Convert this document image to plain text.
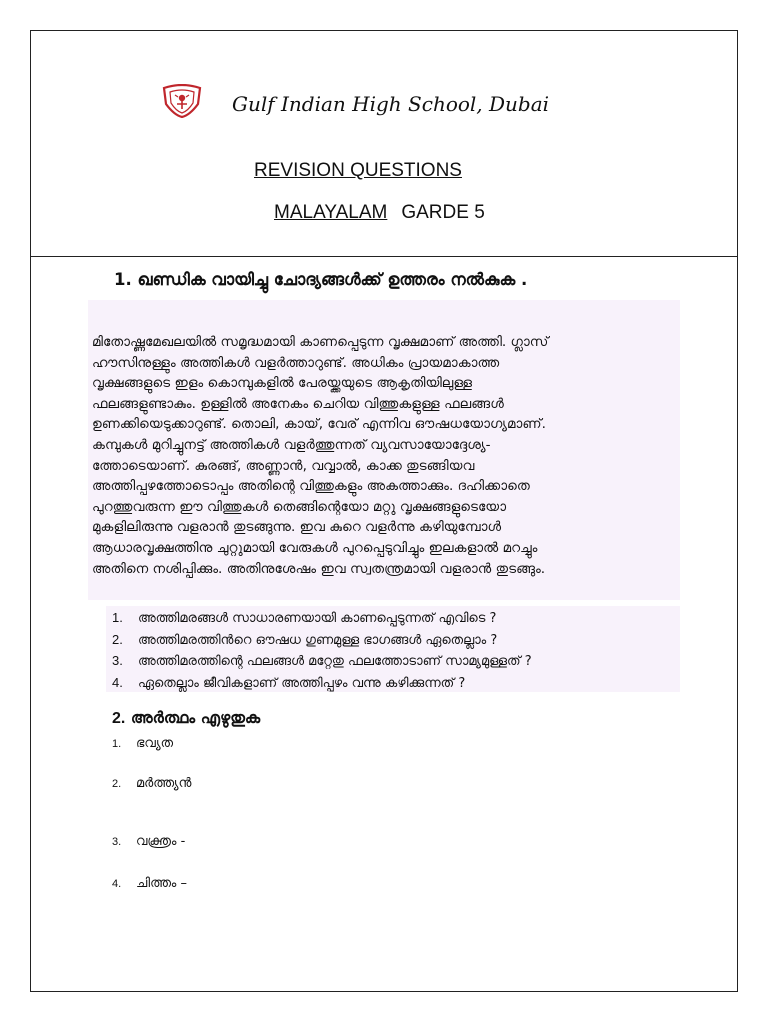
Gulf Indian High School, Dubai
REVISION QUESTIONS
MALAYALAM GARDE 5
1. ഖണ്ഡിക വായിച്ചു ചോദ്യങ്ങൾക്ക് ഉത്തരം നൽകുക .

മിതോഷ്ണമേഖലയിൽ സമൃദ്ധമായി കാണപ്പെടുന്ന വൃക്ഷമാണ് അത്തി. ഗ്ലാസ്
ഹൗസിനുള്ളും അത്തികൾ വളർത്താറുണ്ട്. അധികം പ്രായമാകാത്ത
വൃക്ഷങ്ങളുടെ ഇളം കൊമ്പുകളിൽ പേരയ്ക്കയുടെ ആകൃതിയിലുള്ള
ഫലങ്ങളുണ്ടാകും. ഉള്ളിൽ അനേകം ചെറിയ വിത്തുകളുള്ള ഫലങ്ങൾ
ഉണക്കിയെടുക്കാറുണ്ട്. തൊലി, കായ്, വേര് എന്നിവ ഔഷധയോഗ്യമാണ്.
കമ്പുകൾ മുറിച്ചുനട്ട് അത്തികൾ വളർത്തുന്നത് വ്യവസായോദ്ദേശ്യ-
ത്തോടെയാണ്. കുരങ്ങ്, അണ്ണാൻ, വവ്വാൽ, കാക്ക തുടങ്ങിയവ
അത്തിപ്പഴത്തോടൊപ്പം അതിന്റെ വിത്തുകളും അകത്താക്കും. ദഹിക്കാതെ
പുറത്തുവരുന്ന ഈ വിത്തുകൾ തെങ്ങിന്റെയോ മറ്റു വൃക്ഷങ്ങളുടെയോ
മുകളിലിരുന്നു വളരാൻ തുടങ്ങുന്നു. ഇവ കുറെ വളർന്നു കഴിയുമ്പോൾ
ആധാരവൃക്ഷത്തിനു ചുറ്റുമായി വേരുകൾ പുറപ്പെടുവിച്ചും ഇലകളാൽ മറച്ചും
അതിനെ നശിപ്പിക്കും. അതിനുശേഷം ഇവ സ്വതന്ത്രമായി വളരാൻ തുടങ്ങും.

1. അത്തിമരങ്ങൾ സാധാരണയായി കാണപ്പെടുന്നത് എവിടെ ?
2. അത്തിമരത്തിൻറെ ഔഷധ ഗുണമുള്ള ഭാഗങ്ങൾ ഏതെല്ലാം ?
3. അത്തിമരത്തിന്റെ ഫലങ്ങൾ മറ്റേതു ഫലത്തോടാണ് സാമ്യമുള്ളത് ?
4. ഏതെല്ലാം ജീവികളാണ് അത്തിപ്പഴം വന്നു കഴിക്കുന്നത് ?
2. അർത്ഥം എഴുതുക
1. ഭവ്യത
2. മർത്ത്യൻ
3. വക്ത്രം -
4. ചിത്തം –
